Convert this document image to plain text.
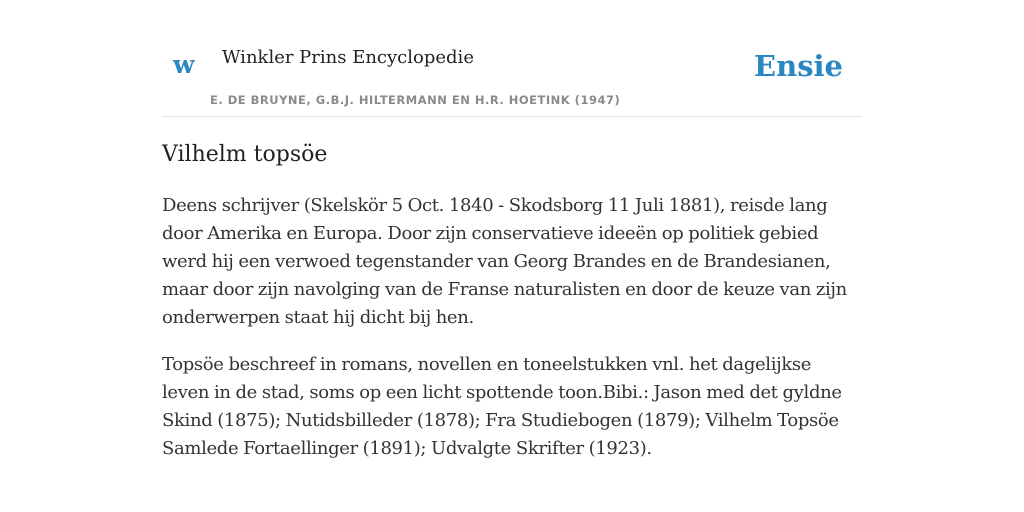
w Winkler Prins Encyclopedie
E. DE BRUYNE, G.B.J. HILTERMANN EN H.R. HOETINK (1947)
Ensie
Vilhelm topsöe

Deens schrijver (Skelskör 5 Oct. 1840 - Skodsborg 11 Juli 1881), reisde lang door Amerika en Europa. Door zijn conservatieve ideeën op politiek gebied werd hij een verwoed tegenstander van Georg Brandes en de Brandesianen, maar door zijn navolging van de Franse naturalisten en door de keuze van zijn onderwerpen staat hij dicht bij hen.

Topsöe beschreef in romans, novellen en toneelstukken vnl. het dagelijkse leven in de stad, soms op een licht spottende toon.Bibi.: Jason med det gyldne Skind (1875); Nutidsbilleder (1878); Fra Studiebogen (1879); Vilhelm Topsöe Samlede Fortaellinger (1891); Udvalgte Skrifter (1923).
